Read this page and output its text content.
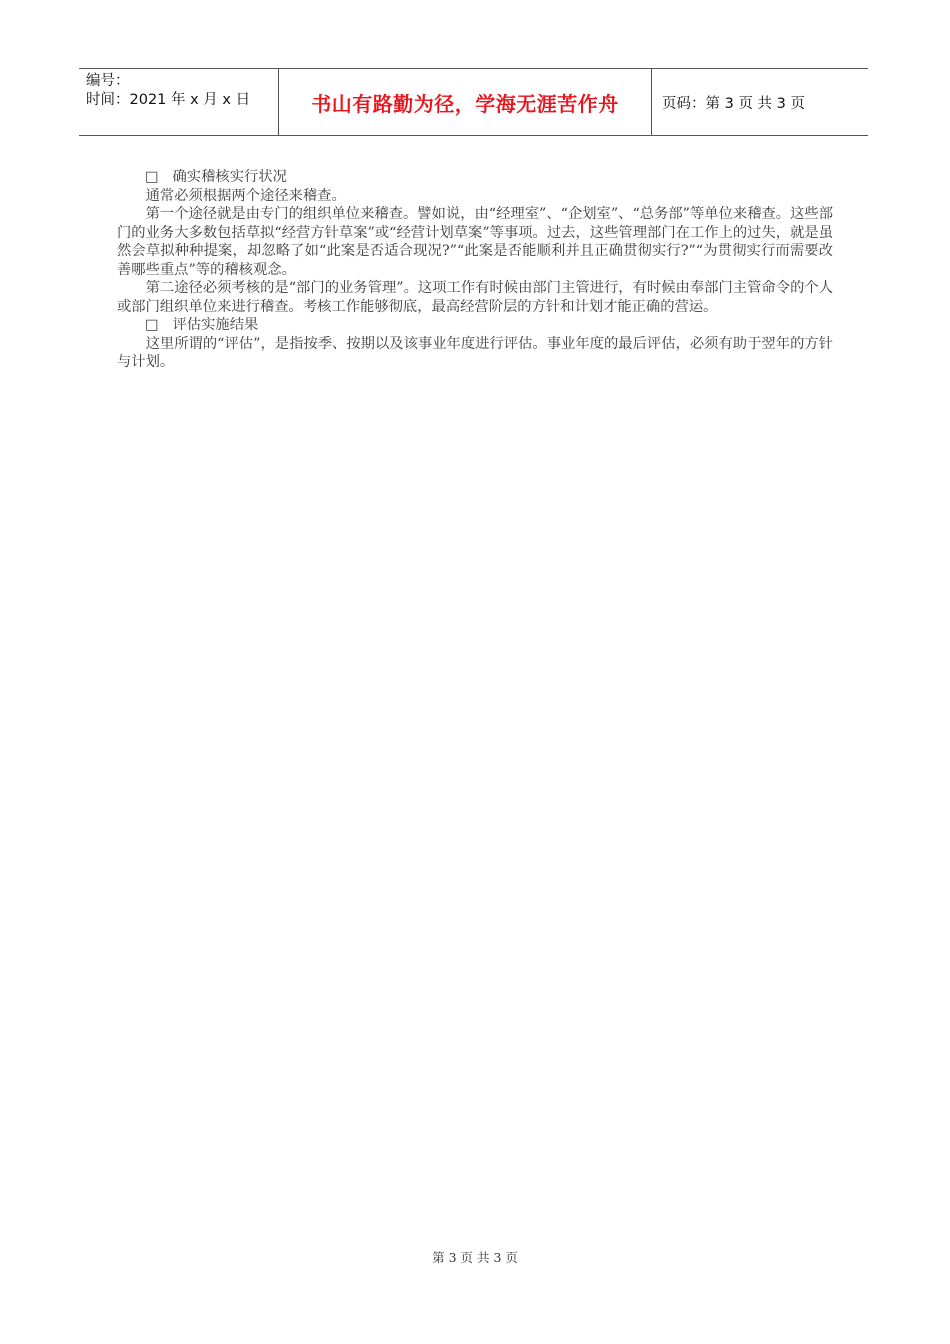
编号：
时间：2021 年 x 月 x 日	书山有路勤为径，学海无涯苦作舟	页码：第 3 页 共 3 页

□ 确实稽核实行状况

通常必须根据两个途径来稽查。

第一个途径就是由专门的组织单位来稽查。譬如说，由“经理室”、“企划室”、“总务部”等单位来稽查。这些部门的业务大多数包括草拟“经营方针草案”或“经营计划草案”等事项。过去，这些管理部门在工作上的过失，就是虽然会草拟种种提案，却忽略了如“此案是否适合现况?”“此案是否能顺利并且正确贯彻实行?”“为贯彻实行而需要改善哪些重点”等的稽核观念。

第二途径必须考核的是“部门的业务管理”。这项工作有时候由部门主管进行，有时候由奉部门主管命令的个人或部门组织单位来进行稽查。考核工作能够彻底，最高经营阶层的方针和计划才能正确的营运。

□ 评估实施结果

这里所谓的“评估”，是指按季、按期以及该事业年度进行评估。事业年度的最后评估，必须有助于翌年的方针与计划。

第 3 页 共 3 页
